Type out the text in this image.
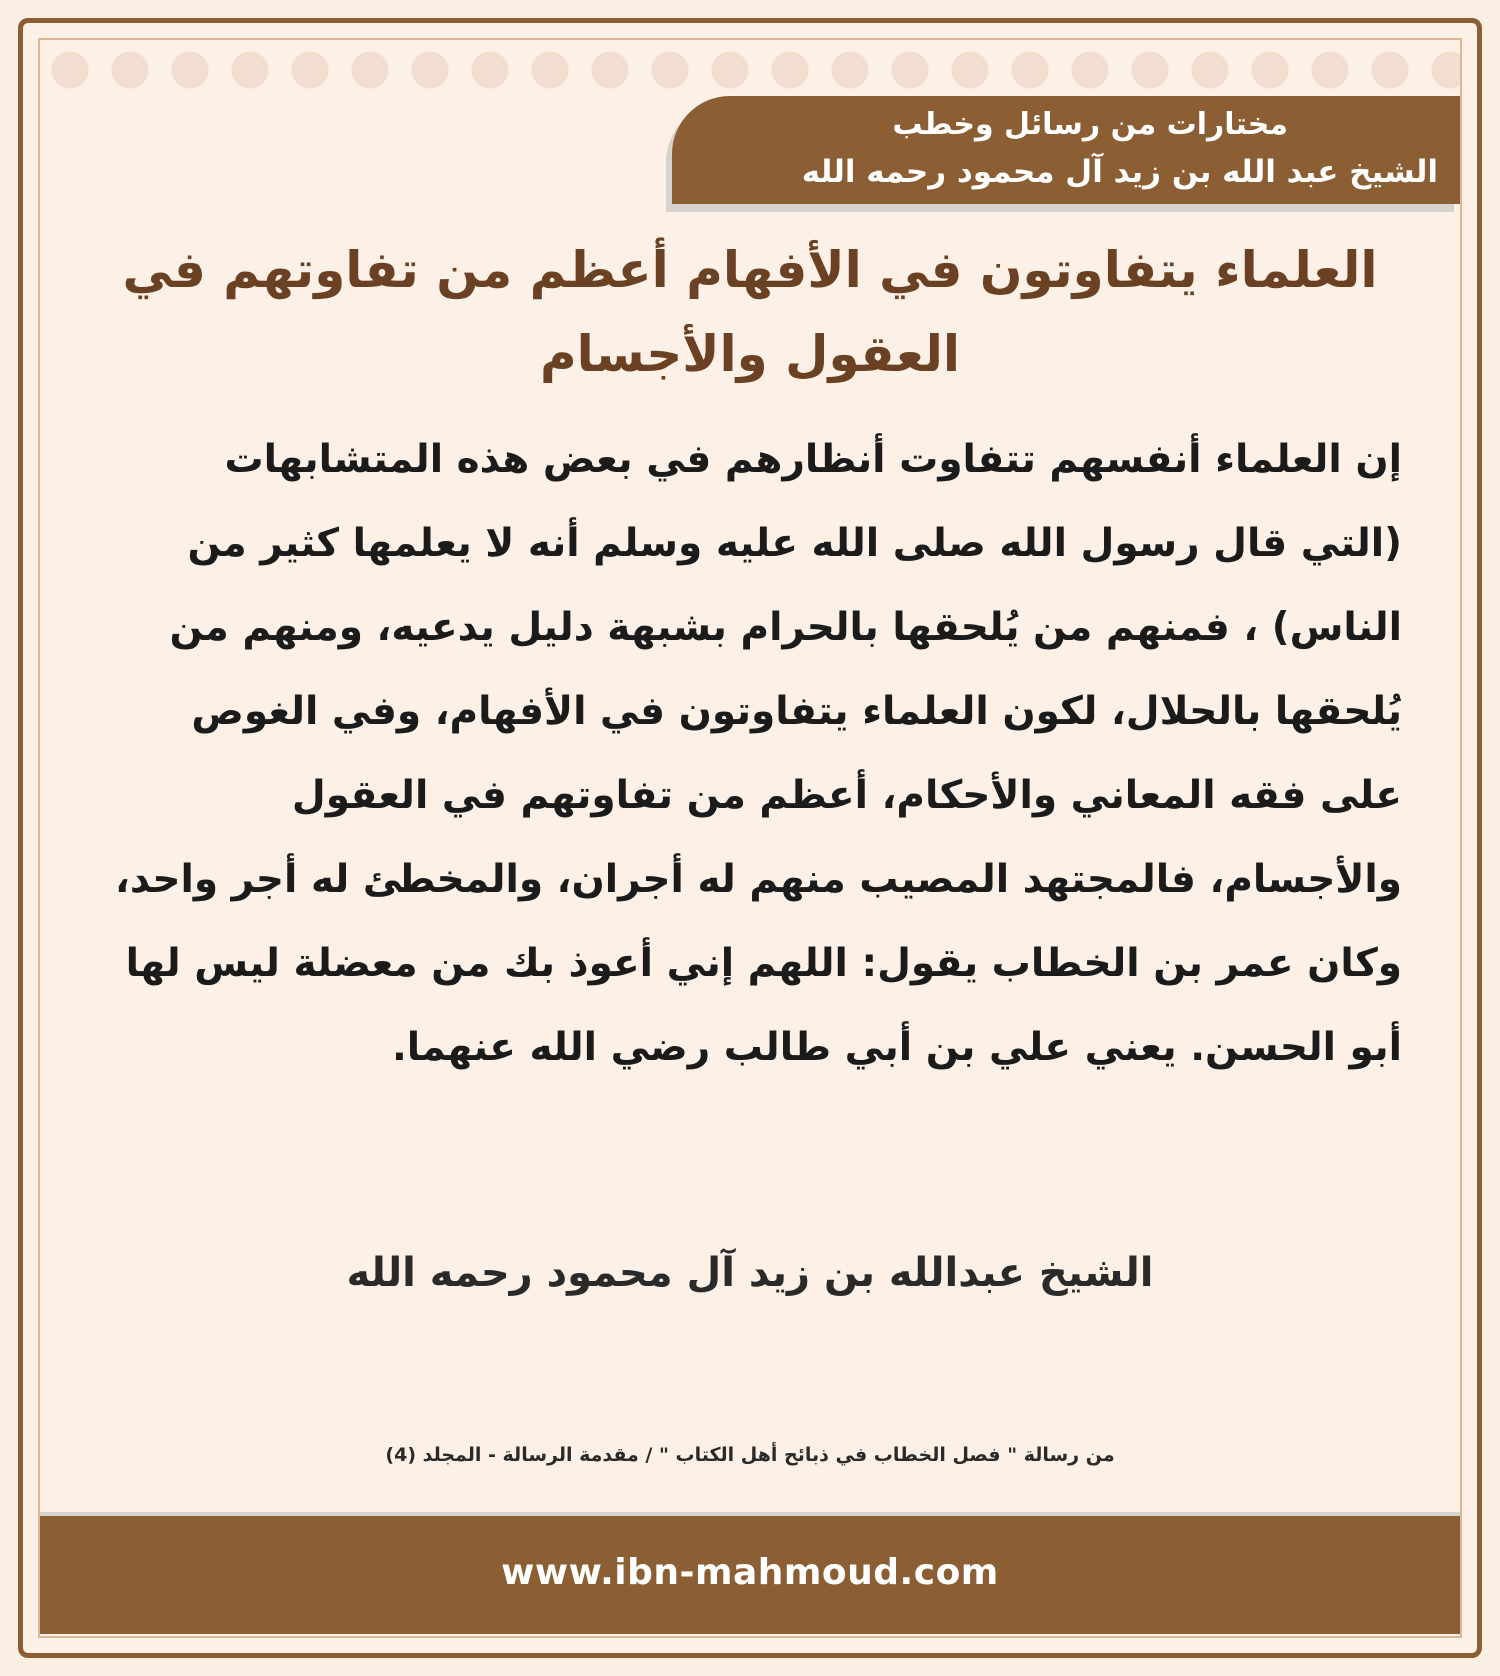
مختارات من رسائل وخطب
الشيخ عبد الله بن زيد آل محمود رحمه الله
العلماء يتفاوتون في الأفهام أعظم من تفاوتهم في العقول والأجسام
إن العلماء أنفسهم تتفاوت أنظارهم في بعض هذه المتشابهات (التي قال رسول الله صلى الله عليه وسلم أنه لا يعلمها كثير من الناس) ، فمنهم من يُلحقها بالحرام بشبهة دليل يدعيه، ومنهم من يُلحقها بالحلال، لكون العلماء يتفاوتون في الأفهام، وفي الغوص على فقه المعاني والأحكام، أعظم من تفاوتهم في العقول والأجسام، فالمجتهد المصيب منهم له أجران، والمخطئ له أجر واحد، وكان عمر بن الخطاب يقول: اللهم إني أعوذ بك من معضلة ليس لها أبو الحسن. يعني علي بن أبي طالب رضي الله عنهما.
الشيخ عبدالله بن زيد آل محمود رحمه الله
من رسالة " فصل الخطاب في ذبائح أهل الكتاب " / مقدمة الرسالة - المجلد (4)
www.ibn-mahmoud.com
